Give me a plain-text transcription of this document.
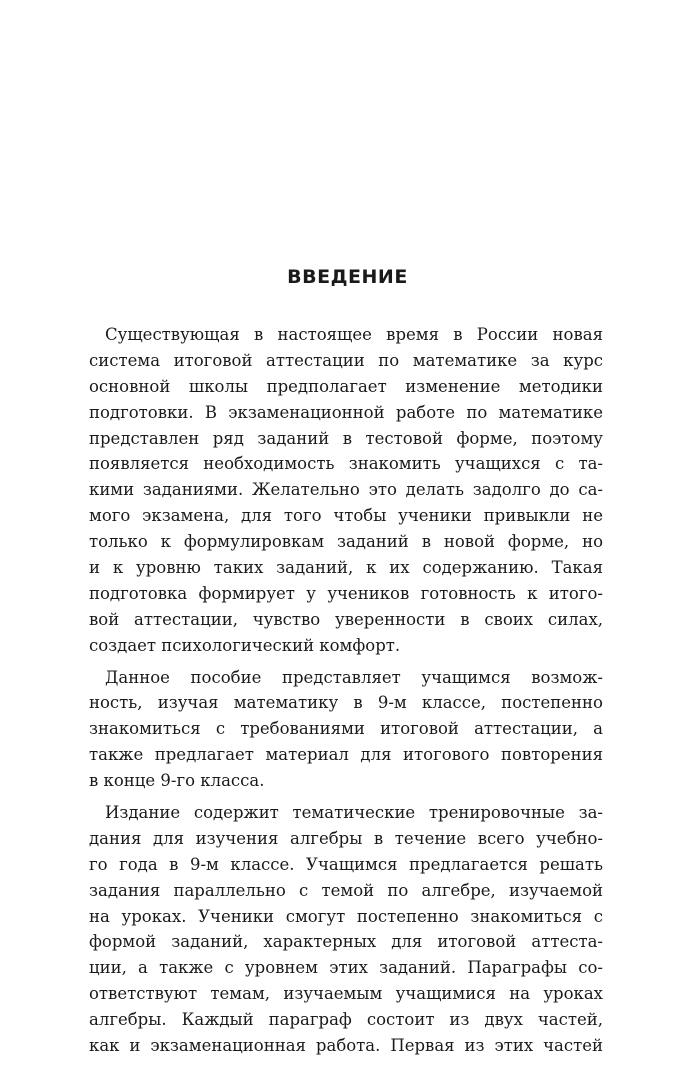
ВВЕДЕНИЕ
Существующая в настоящее время в России новая
система итоговой аттестации по математике за курс
основной школы предполагает изменение методики
подготовки. В экзаменационной работе по математике
представлен ряд заданий в тестовой форме, поэтому
появляется необходимость знакомить учащихся с та-
кими заданиями. Желательно это делать задолго до са-
мого экзамена, для того чтобы ученики привыкли не
только к формулировкам заданий в новой форме, но
и к уровню таких заданий, к их содержанию. Такая
подготовка формирует у учеников готовность к итого-
вой аттестации, чувство уверенности в своих силах,
создает психологический комфорт.
Данное пособие представляет учащимся возмож-
ность, изучая математику в 9-м классе, постепенно
знакомиться с требованиями итоговой аттестации, а
также предлагает материал для итогового повторения
в конце 9-го класса.
Издание содержит тематические тренировочные за-
дания для изучения алгебры в течение всего учебно-
го года в 9-м классе. Учащимся предлагается решать
задания параллельно с темой по алгебре, изучаемой
на уроках. Ученики смогут постепенно знакомиться с
формой заданий, характерных для итоговой аттеста-
ции, а также с уровнем этих заданий. Параграфы со-
ответствуют темам, изучаемым учащимися на уроках
алгебры. Каждый параграф состоит из двух частей,
как и экзаменационная работа. Первая из этих частей
